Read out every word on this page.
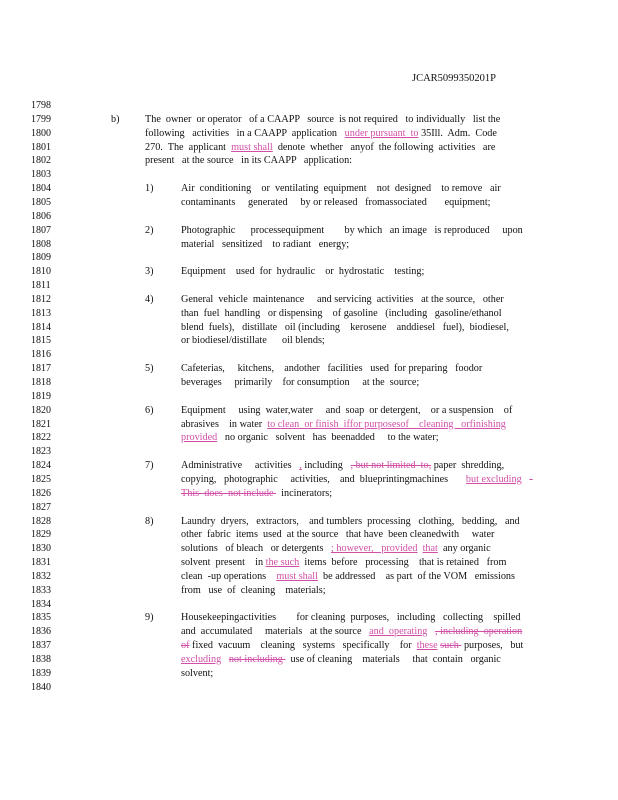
JCAR5099350201P
1798
1799
1800
1801
1802
1803
1804
1805
1806
1807
1808
1809
1810
1811
1812
1813
1814
1815
1816
1817
1818
1819
1820
1821
1822
1823
1824
1825
1826
1827
1828
1829
1830
1831
1832
1833
1834
1835
1836
1837
1838
1839
1840
b)	The  owner  or operator   of a CAAPP   source  is not required   to individually   list the
following   activities   in a CAAPP  application   under pursuant  to 35Ill.  Adm.  Code
270.  The  applicant  must shall  denote  whether   anyof  the following  activities   are
present   at the source   in its CAAPP   application:
1)	Air  conditioning    or  ventilating  equipment    not  designed    to remove   air
contaminants     generated     by or released   fromassociated       equipment;
2)	Photographic      processequipment        by which   an image   is reproduced     upon
material   sensitized    to radiant   energy;
3)	Equipment    used  for  hydraulic    or  hydrostatic    testing;
4)	General  vehicle  maintenance     and servicing  activities   at the source,   other
than  fuel  handling   or dispensing    of gasoline   (including   gasoline/ethanol
blend  fuels),   distillate   oil (including    kerosene    anddiesel   fuel),  biodiesel,
or biodiesel/distillate      oil blends;
5)	Cafeterias,     kitchens,    andother   facilities   used  for preparing   foodor
beverages     primarily    for consumption     at the  source;
6)	Equipment     using  water,water     and  soap  or detergent,    or a suspension    of
abrasives    in water  to clean  or finish  iffor purposesof    cleaning   orfinishing
provided   no organic   solvent   has  beenadded     to the water;
7)	Administrative     activities   , including   , but not limited  to, paper  shredding,
copying,   photographic     activities,    and  blueprintingmachines       but excluding -
This  does  not include   incinerators;
8)	Laundry  dryers,   extractors,    and tumblers  processing   clothing,   bedding,   and
other  fabric  items  used  at the source   that have  been cleanedwith     water
solutions   of bleach   or detergents   ; however,   provided that  any organic
solvent  present    in the such  items  before   processing    that is retained   from
clean  -up operations    must shall  be addressed    as part  of the VOM   emissions
from   use  of  cleaning    materials;
9)	Housekeepingactivities        for cleaning  purposes,   including   collecting    spilled
and  accumulated     materials   at the source   and  operating , including  operation
of fixed  vacuum    cleaning   systems   specifically    for  these such  purposes,   but
excluding not including   use of cleaning    materials     that  contain   organic
solvent;
